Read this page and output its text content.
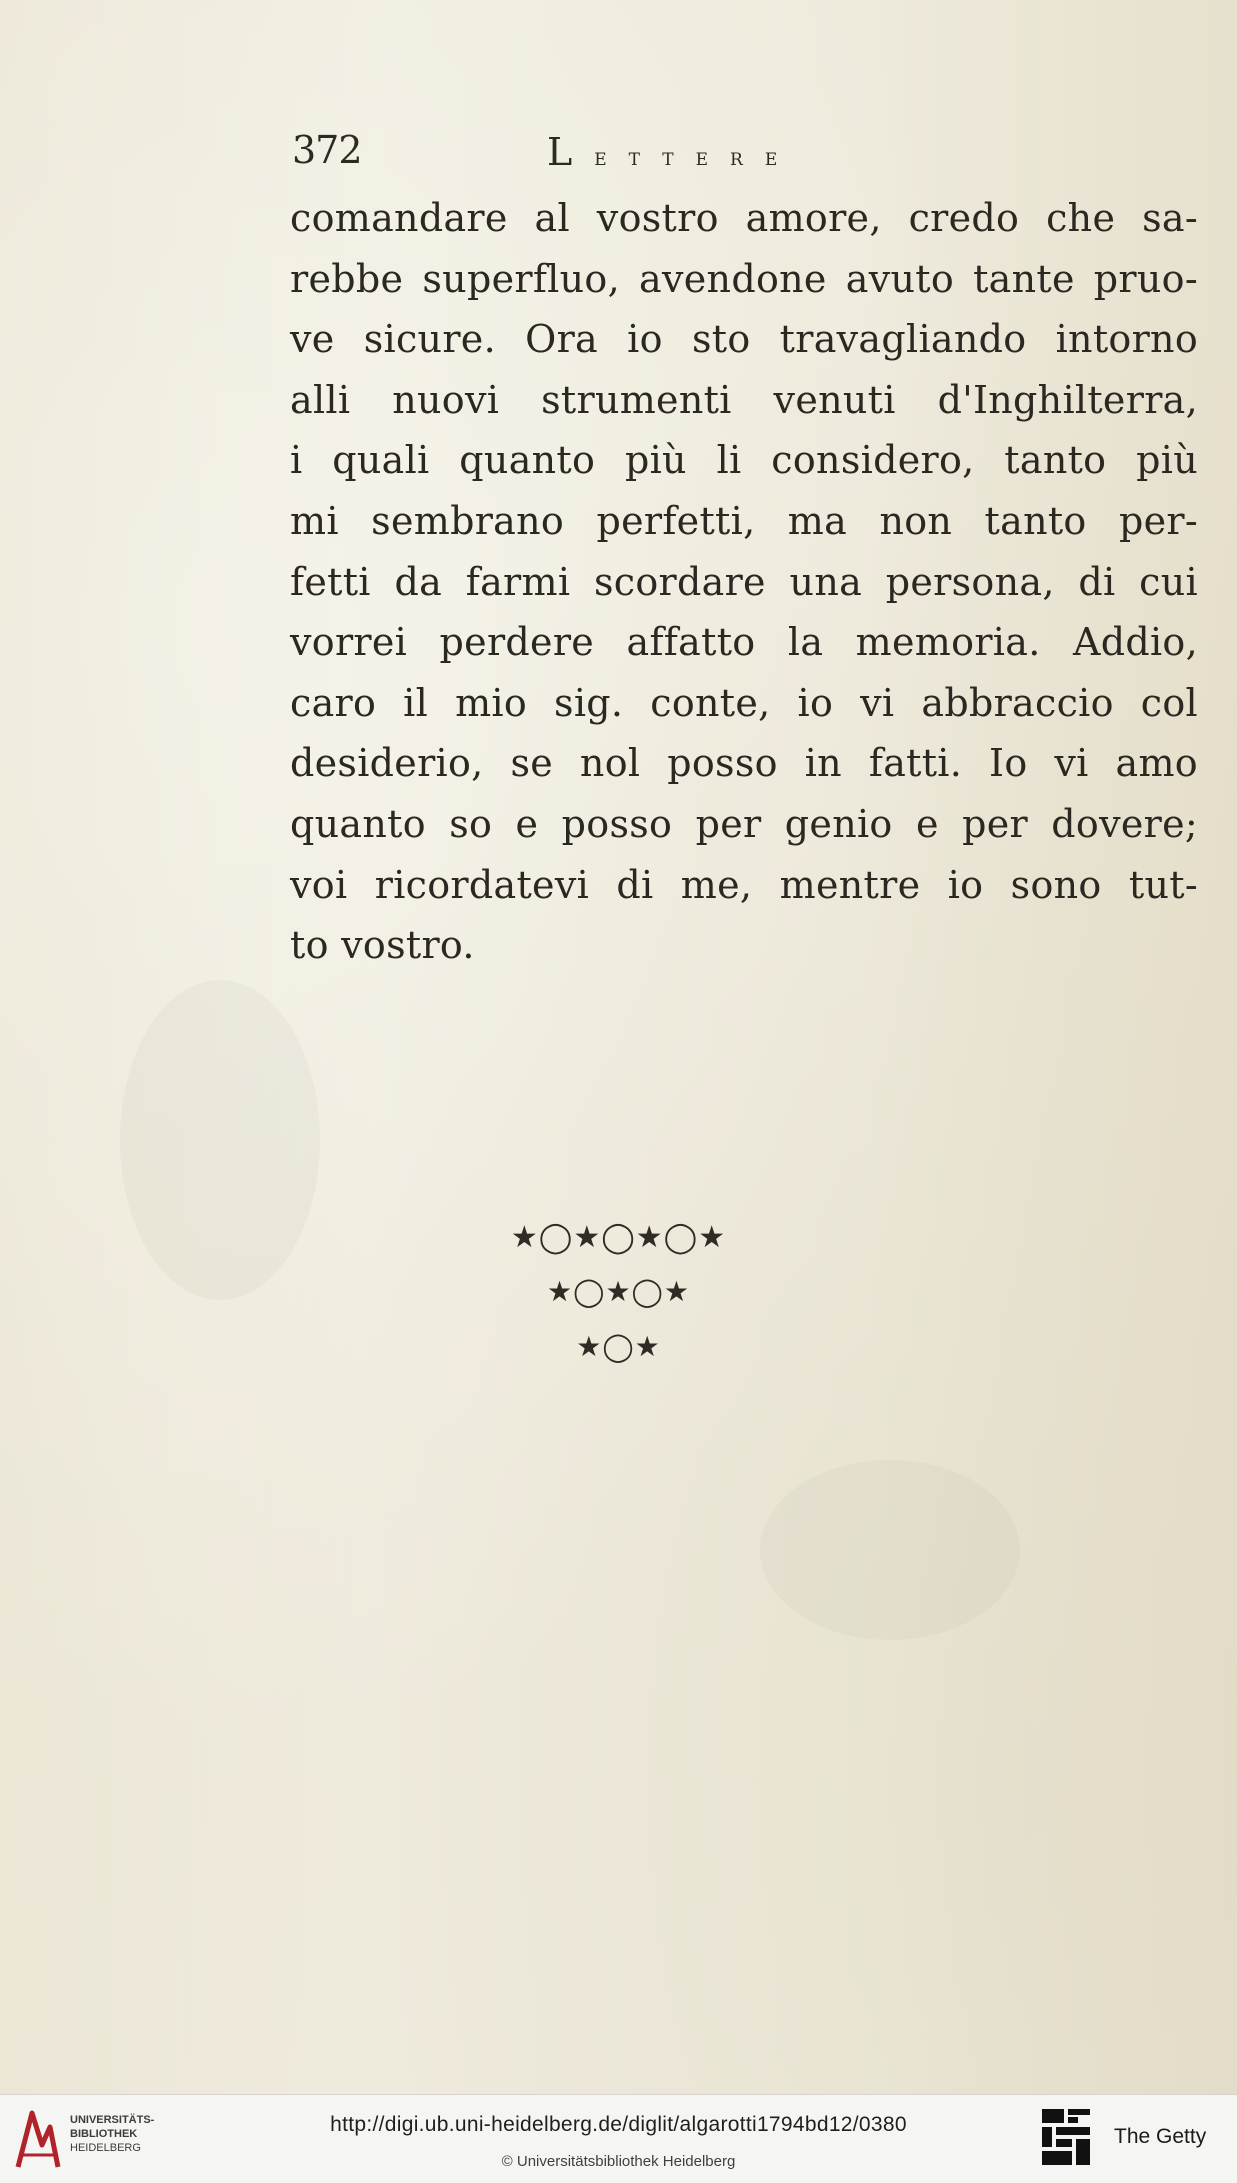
372	Lettere
comandare al vostro amore, credo che sa-
rebbe superfluo, avendone avuto tante pruo-
ve sicure. Ora io sto travagliando intorno
alli nuovi strumenti venuti d'Inghilterra,
i quali quanto più li considero, tanto più
mi sembrano perfetti, ma non tanto per-
fetti da farmi scordare una persona, di cui
vorrei perdere affatto la memoria. Addio,
caro il mio sig. conte, io vi abbraccio col
desiderio, se nol posso in fatti. Io vi amo
quanto so e posso per genio e per dovere;
voi ricordatevi di me, mentre io sono tut-
to vostro.
★◯★◯★◯★
★◯★◯★
★◯★
UNIVERSITÄTS-
BIBLIOTHEK
HEIDELBERG
http://digi.ub.uni-heidelberg.de/diglit/algarotti1794bd12/0380
© Universitätsbibliothek Heidelberg
The Getty
